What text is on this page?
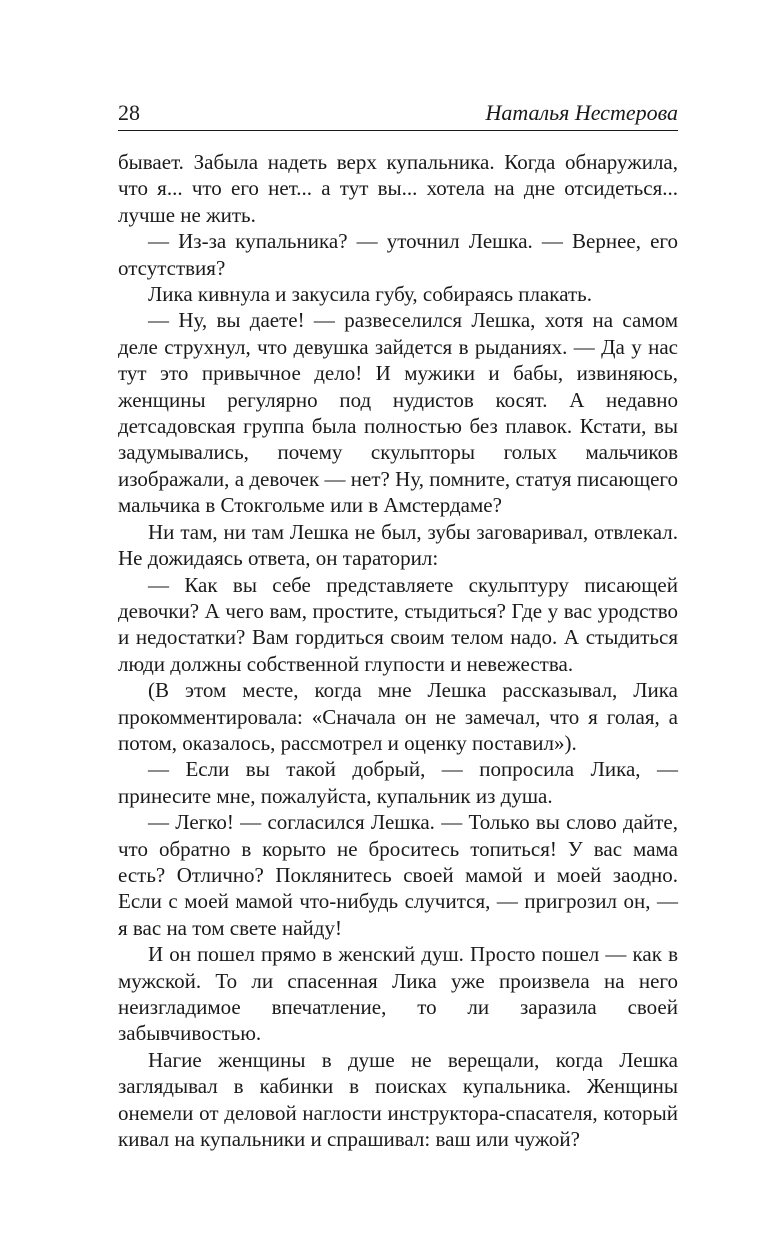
28	Наталья Нестерова

бывает. Забыла надеть верх купальника. Когда обнаружила, что я... что его нет... а тут вы... хотела на дне отсидеться... лучше не жить.

— Из-за купальника? — уточнил Лешка. — Вернее, его отсутствия?

Лика кивнула и закусила губу, собираясь плакать.

— Ну, вы даете! — развеселился Лешка, хотя на самом деле струхнул, что девушка зайдется в рыданиях. — Да у нас тут это привычное дело! И мужики и бабы, извиняюсь, женщины регулярно под нудистов косят. А недавно детсадовская группа была полностью без плавок. Кстати, вы задумывались, почему скульпторы голых мальчиков изображали, а девочек — нет? Ну, помните, статуя писающего мальчика в Стокгольме или в Амстердаме?

Ни там, ни там Лешка не был, зубы заговаривал, отвлекал. Не дожидаясь ответа, он тараторил:

— Как вы себе представляете скульптуру писающей девочки? А чего вам, простите, стыдиться? Где у вас уродство и недостатки? Вам гордиться своим телом надо. А стыдиться люди должны собственной глупости и невежества.

(В этом месте, когда мне Лешка рассказывал, Лика прокомментировала: «Сначала он не замечал, что я голая, а потом, оказалось, рассмотрел и оценку поставил»).

— Если вы такой добрый, — попросила Лика, — принесите мне, пожалуйста, купальник из душа.

— Легко! — согласился Лешка. — Только вы слово дайте, что обратно в корыто не броситесь топиться! У вас мама есть? Отлично? Поклянитесь своей мамой и моей заодно. Если с моей мамой что-нибудь случится, — пригрозил он, — я вас на том свете найду!

И он пошел прямо в женский душ. Просто пошел — как в мужской. То ли спасенная Лика уже произвела на него неизгладимое впечатление, то ли заразила своей забывчивостью.

Нагие женщины в душе не верещали, когда Лешка заглядывал в кабинки в поисках купальника. Женщины онемели от деловой наглости инструктора-спасателя, который кивал на купальники и спрашивал: ваш или чужой?
